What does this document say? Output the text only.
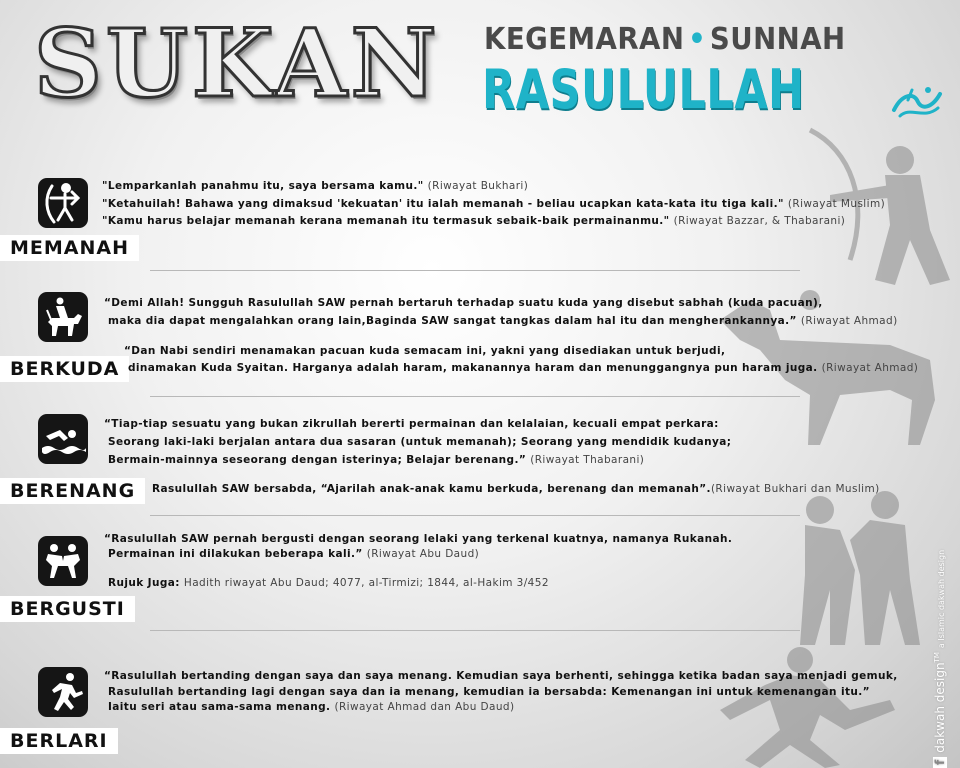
SUKAN KEGEMARAN • SUNNAH
RASULULLAH
MEMANAH
"Lemparkanlah panahmu itu, saya bersama kamu." (Riwayat Bukhari)
"Ketahuilah! Bahawa yang dimaksud 'kekuatan' itu ialah memanah - beliau ucapkan kata-kata itu tiga kali." (Riwayat Muslim)
"Kamu harus belajar memanah kerana memanah itu termasuk sebaik-baik permainanmu." (Riwayat Bazzar, & Thabarani)
BERKUDA
“Demi Allah! Sungguh Rasulullah SAW pernah bertaruh terhadap suatu kuda yang disebut sabhah (kuda pacuan),
maka dia dapat mengalahkan orang lain,Baginda SAW sangat tangkas dalam hal itu dan mengherankannya.” (Riwayat Ahmad)
“Dan Nabi sendiri menamakan pacuan kuda semacam ini, yakni yang disediakan untuk berjudi,
dinamakan Kuda Syaitan. Harganya adalah haram, makanannya haram dan menunggangnya pun haram juga. (Riwayat Ahmad)
BERENANG
“Tiap-tiap sesuatu yang bukan zikrullah bererti permainan dan kelalaian, kecuali empat perkara:
Seorang laki-laki berjalan antara dua sasaran (untuk memanah); Seorang yang mendidik kudanya;
Bermain-mainnya seseorang dengan isterinya; Belajar berenang.” (Riwayat Thabarani)
Rasulullah SAW bersabda, “Ajarilah anak-anak kamu berkuda, berenang dan memanah”.(Riwayat Bukhari dan Muslim)
BERGUSTI
“Rasulullah SAW pernah bergusti dengan seorang lelaki yang terkenal kuatnya, namanya Rukanah.
Permainan ini dilakukan beberapa kali.” (Riwayat Abu Daud)
Rujuk Juga: Hadith riwayat Abu Daud; 4077, al-Tirmizi; 1844, al-Hakim 3/452
BERLARI
“Rasulullah bertanding dengan saya dan saya menang. Kemudian saya berhenti, sehingga ketika badan saya menjadi gemuk,
Rasulullah bertanding lagi dengan saya dan ia menang, kemudian ia bersabda: Kemenangan ini untuk kemenangan itu.”
Iaitu seri atau sama-sama menang. (Riwayat Ahmad dan Abu Daud)
fdakwah design™a Islamic dakwah design
